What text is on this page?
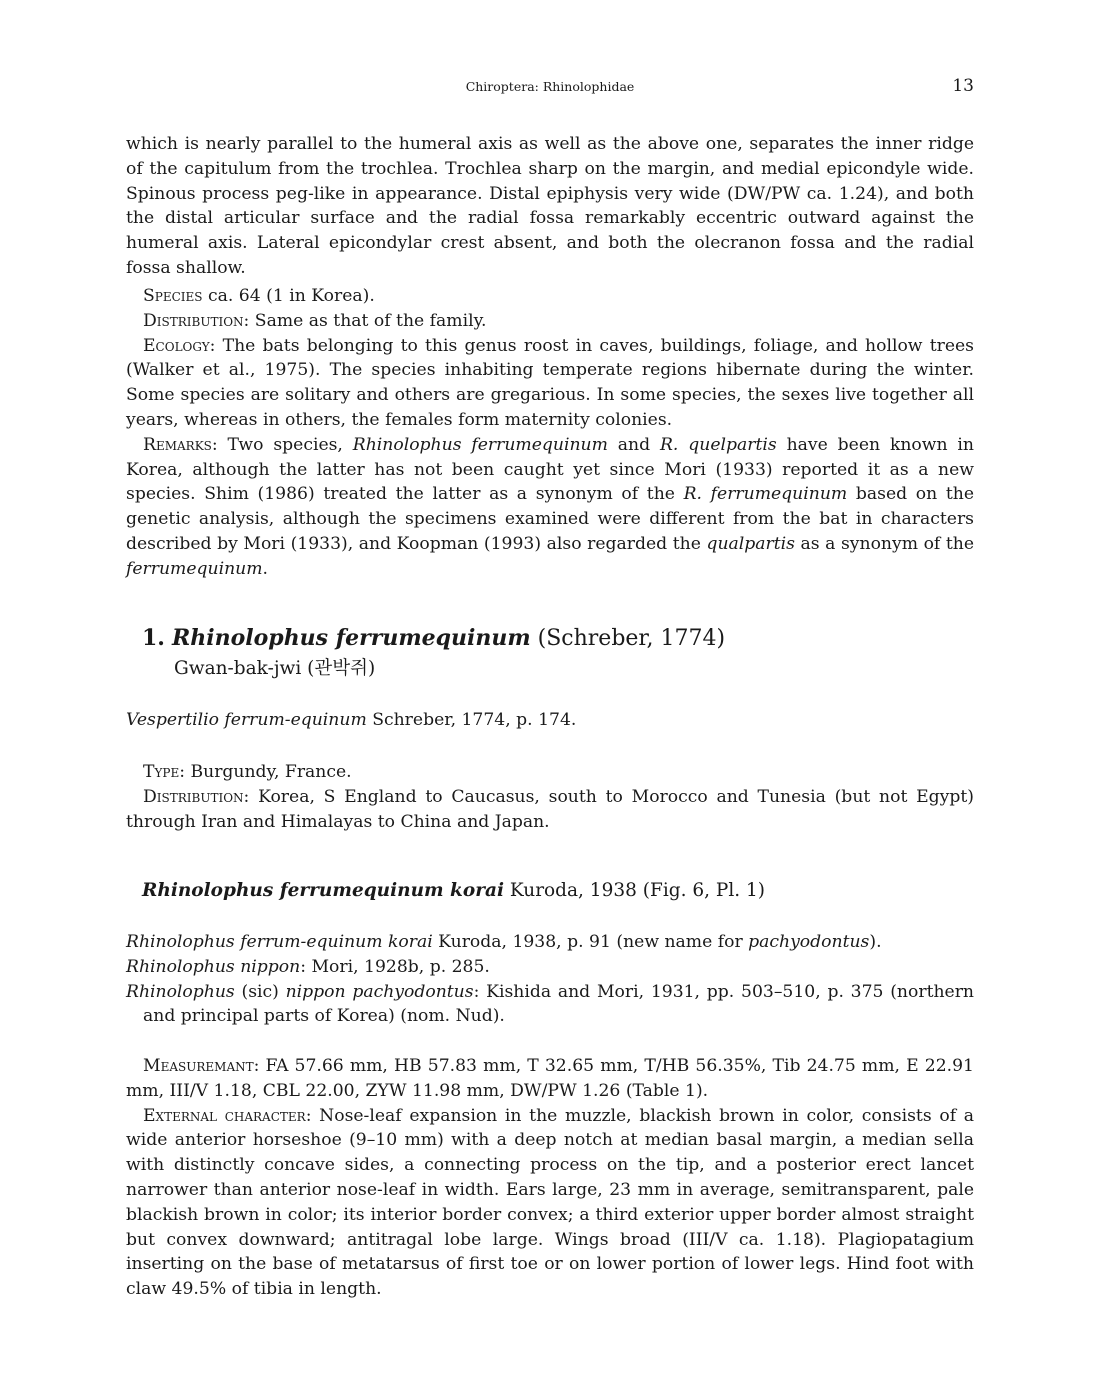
Chiroptera: Rhinolophidae	13

which is nearly parallel to the humeral axis as well as the above one, separates the inner ridge of the capitulum from the trochlea. Trochlea sharp on the margin, and medial epicondyle wide. Spinous process peg-like in appearance. Distal epiphysis very wide (DW/PW ca. 1.24), and both the distal articular surface and the radial fossa remarkably eccentric outward against the humeral axis. Lateral epicondylar crest absent, and both the olecranon fossa and the radial fossa shallow.

Species ca. 64 (1 in Korea).

Distribution: Same as that of the family.

Ecology: The bats belonging to this genus roost in caves, buildings, foliage, and hollow trees (Walker et al., 1975). The species inhabiting temperate regions hibernate during the winter. Some species are solitary and others are gregarious. In some species, the sexes live together all years, whereas in others, the females form maternity colonies.

Remarks: Two species, Rhinolophus ferrumequinum and R. quelpartis have been known in Korea, although the latter has not been caught yet since Mori (1933) reported it as a new species. Shim (1986) treated the latter as a synonym of the R. ferrumequinum based on the genetic analysis, although the specimens examined were different from the bat in characters described by Mori (1933), and Koopman (1993) also regarded the qualpartis as a synonym of the ferrumequinum.

1. Rhinolophus ferrumequinum (Schreber, 1774)
Gwan-bak-jwi (관박쥐)

Vespertilio ferrum-equinum Schreber, 1774, p. 174.

Type: Burgundy, France.

Distribution: Korea, S England to Caucasus, south to Morocco and Tunesia (but not Egypt) through Iran and Himalayas to China and Japan.

Rhinolophus ferrumequinum korai Kuroda, 1938 (Fig. 6, Pl. 1)

Rhinolophus ferrum-equinum korai Kuroda, 1938, p. 91 (new name for pachyodontus).

Rhinolophus nippon: Mori, 1928b, p. 285.

Rhinolophus (sic) nippon pachyodontus: Kishida and Mori, 1931, pp. 503–510, p. 375 (northern and principal parts of Korea) (nom. Nud).

Measuremant: FA 57.66 mm, HB 57.83 mm, T 32.65 mm, T/HB 56.35%, Tib 24.75 mm, E 22.91 mm, III/V 1.18, CBL 22.00, ZYW 11.98 mm, DW/PW 1.26 (Table 1).

External character: Nose-leaf expansion in the muzzle, blackish brown in color, consists of a wide anterior horseshoe (9–10 mm) with a deep notch at median basal margin, a median sella with distinctly concave sides, a connecting process on the tip, and a posterior erect lancet narrower than anterior nose-leaf in width. Ears large, 23 mm in average, semitransparent, pale blackish brown in color; its interior border convex; a third exterior upper border almost straight but convex downward; antitragal lobe large. Wings broad (III/V ca. 1.18). Plagiopatagium inserting on the base of metatarsus of first toe or on lower portion of lower legs. Hind foot with claw 49.5% of tibia in length.
